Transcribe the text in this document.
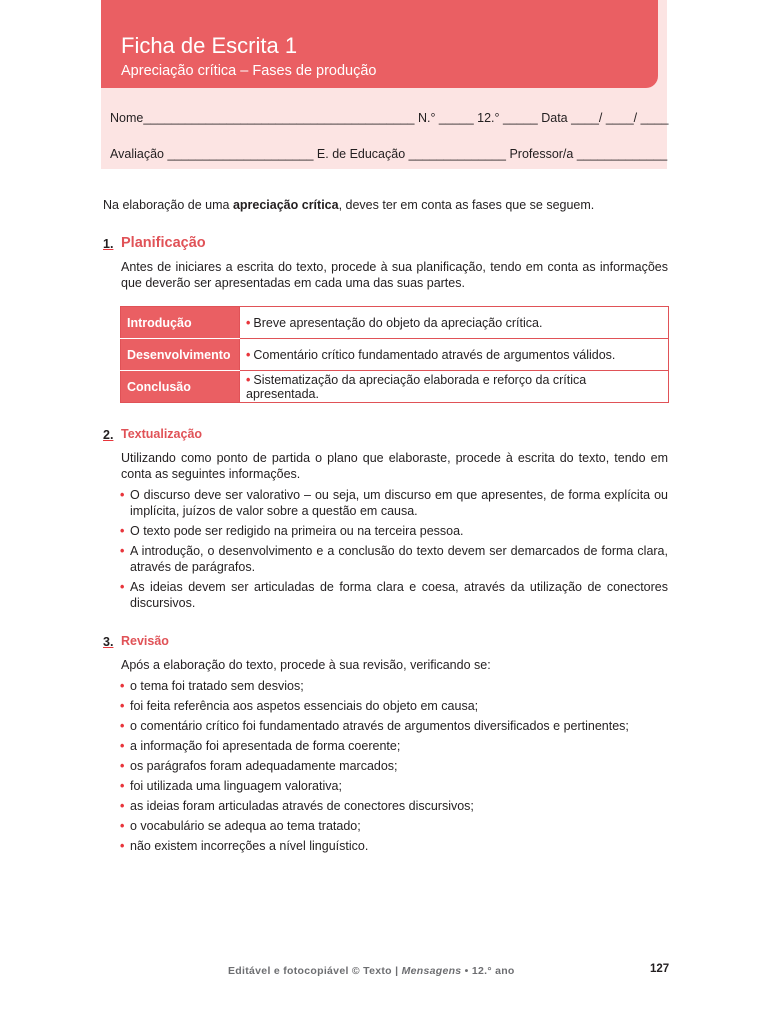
Ficha de Escrita 1
Apreciação crítica – Fases de produção
Nome_______________________________________ N.° _____ 12.° _____ Data ____/ ____/ ____
Avaliação _____________________ E. de Educação ______________ Professor/a _____________
Na elaboração de uma apreciação crítica, deves ter em conta as fases que se seguem.
1. Planificação
Antes de iniciares a escrita do texto, procede à sua planificação, tendo em conta as informações que deverão ser apresentadas em cada uma das suas partes.
Introdução	• Breve apresentação do objeto da apreciação crítica.
Desenvolvimento	• Comentário crítico fundamentado através de argumentos válidos.
Conclusão	• Sistematização da apreciação elaborada e reforço da crítica apresentada.
2. Textualização
Utilizando como ponto de partida o plano que elaboraste, procede à escrita do texto, tendo em conta as seguintes informações.
• O discurso deve ser valorativo – ou seja, um discurso em que apresentes, de forma explícita ou implícita, juízos de valor sobre a questão em causa.
• O texto pode ser redigido na primeira ou na terceira pessoa.
• A introdução, o desenvolvimento e a conclusão do texto devem ser demarcados de forma clara, através de parágrafos.
• As ideias devem ser articuladas de forma clara e coesa, através da utilização de conectores discursivos.
3. Revisão
Após a elaboração do texto, procede à sua revisão, verificando se:
• o tema foi tratado sem desvios;
• foi feita referência aos aspetos essenciais do objeto em causa;
• o comentário crítico foi fundamentado através de argumentos diversificados e pertinentes;
• a informação foi apresentada de forma coerente;
• os parágrafos foram adequadamente marcados;
• foi utilizada uma linguagem valorativa;
• as ideias foram articuladas através de conectores discursivos;
• o vocabulário se adequa ao tema tratado;
• não existem incorreções a nível linguístico.
Editável e fotocopiável © Texto | Mensagens • 12.° ano	127
